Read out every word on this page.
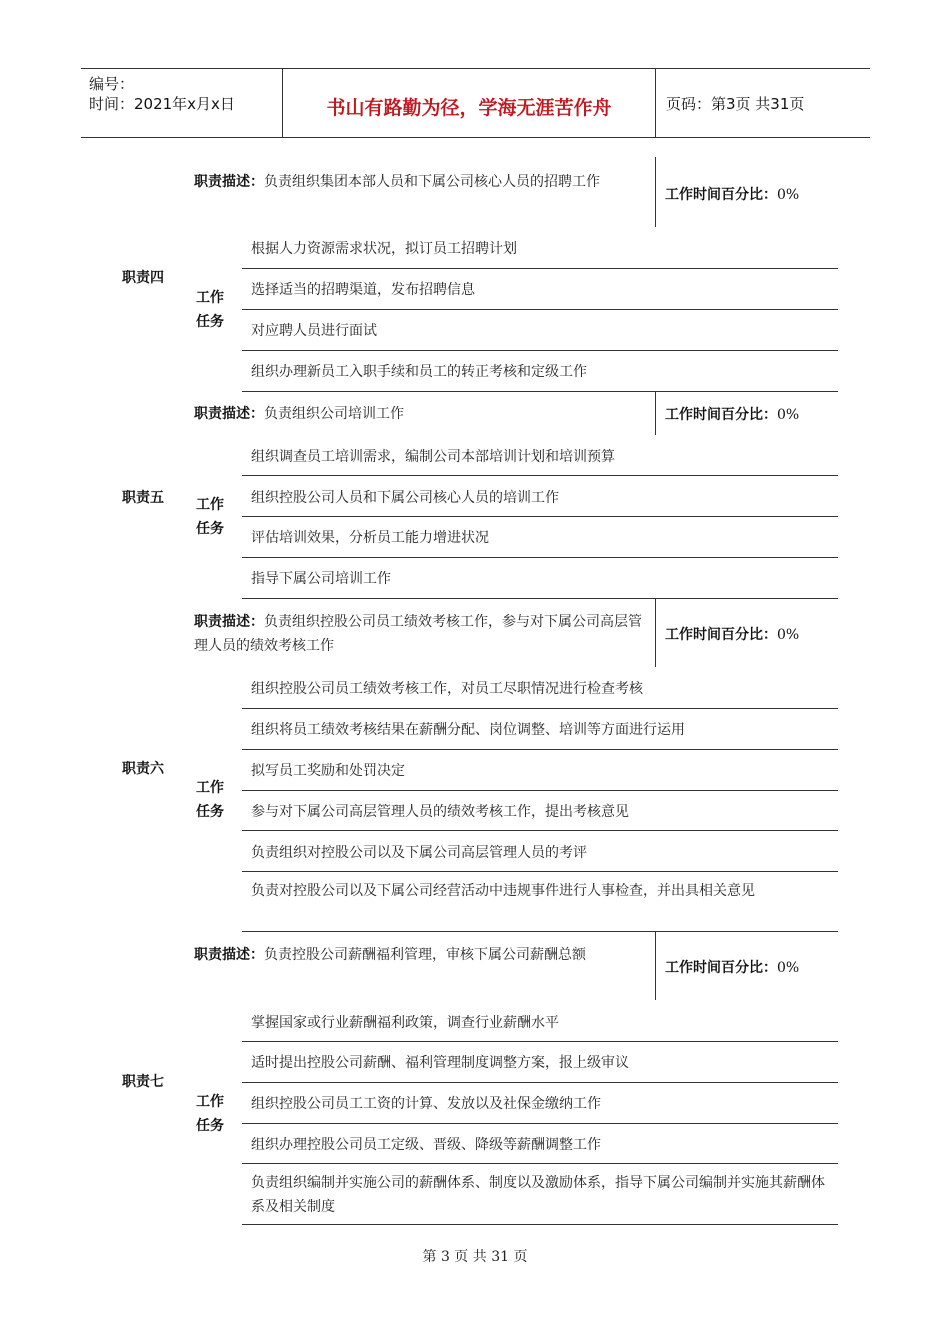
编号：
时间：2021年x月x日	书山有路勤为径，学海无涯苦作舟	页码：第3页 共31页
职责描述：负责组织集团本部人员和下属公司核心人员的招聘工作
工作时间百分比：0%
职责四
工作
任务
根据人力资源需求状况，拟订员工招聘计划
选择适当的招聘渠道，发布招聘信息
对应聘人员进行面试
组织办理新员工入职手续和员工的转正考核和定级工作
职责描述：负责组织公司培训工作	工作时间百分比：0%
职责五 工作
任务
组织调查员工培训需求，编制公司本部培训计划和培训预算
组织控股公司人员和下属公司核心人员的培训工作
评估培训效果，分析员工能力增进状况
指导下属公司培训工作
职责描述：负责组织控股公司员工绩效考核工作，参与对下属公司高层管理人员的绩效考核工作
工作时间百分比：0%
职责六
工作
任务
组织控股公司员工绩效考核工作，对员工尽职情况进行检查考核
组织将员工绩效考核结果在薪酬分配、岗位调整、培训等方面进行运用
拟写员工奖励和处罚决定
参与对下属公司高层管理人员的绩效考核工作，提出考核意见
负责组织对控股公司以及下属公司高层管理人员的考评
负责对控股公司以及下属公司经营活动中违规事件进行人事检查，并出具相关意见
职责描述：负责控股公司薪酬福利管理，审核下属公司薪酬总额
工作时间百分比：0%
职责七
工作
任务
掌握国家或行业薪酬福利政策，调查行业薪酬水平
适时提出控股公司薪酬、福利管理制度调整方案，报上级审议
组织控股公司员工工资的计算、发放以及社保金缴纳工作
组织办理控股公司员工定级、晋级、降级等薪酬调整工作
负责组织编制并实施公司的薪酬体系、制度以及激励体系，指导下属公司编制并实施其薪酬体系及相关制度
第 3 页 共 31 页
